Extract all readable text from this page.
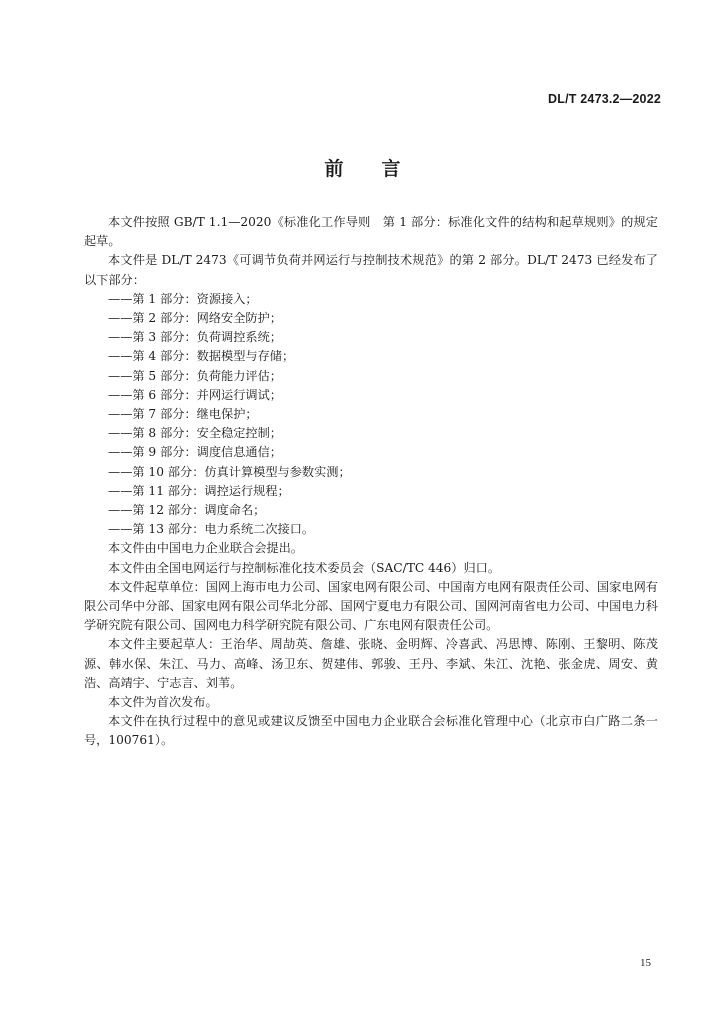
DL/T 2473.2—2022
前 言

本文件按照 GB/T 1.1—2020《标准化工作导则　第 1 部分：标准化文件的结构和起草规则》的规定起草。

本文件是 DL/T 2473《可调节负荷并网运行与控制技术规范》的第 2 部分。DL/T 2473 已经发布了以下部分：

——第 1 部分：资源接入；

——第 2 部分：网络安全防护；

——第 3 部分：负荷调控系统；

——第 4 部分：数据模型与存储；

——第 5 部分：负荷能力评估；

——第 6 部分：并网运行调试；

——第 7 部分：继电保护；

——第 8 部分：安全稳定控制；

——第 9 部分：调度信息通信；

——第 10 部分：仿真计算模型与参数实测；

——第 11 部分：调控运行规程；

——第 12 部分：调度命名；

——第 13 部分：电力系统二次接口。

本文件由中国电力企业联合会提出。

本文件由全国电网运行与控制标准化技术委员会（SAC/TC 446）归口。

本文件起草单位：国网上海市电力公司、国家电网有限公司、中国南方电网有限责任公司、国家电网有限公司华中分部、国家电网有限公司华北分部、国网宁夏电力有限公司、国网河南省电力公司、中国电力科学研究院有限公司、国网电力科学研究院有限公司、广东电网有限责任公司。

本文件主要起草人：王治华、周劼英、詹雄、张晓、金明辉、冷喜武、冯思博、陈刚、王黎明、陈茂源、韩水保、朱江、马力、高峰、汤卫东、贺建伟、郭骏、王丹、李斌、朱江、沈艳、张金虎、周安、黄浩、高靖宇、宁志言、刘苇。

本文件为首次发布。

本文件在执行过程中的意见或建议反馈至中国电力企业联合会标准化管理中心（北京市白广路二条一号，100761）。

15
